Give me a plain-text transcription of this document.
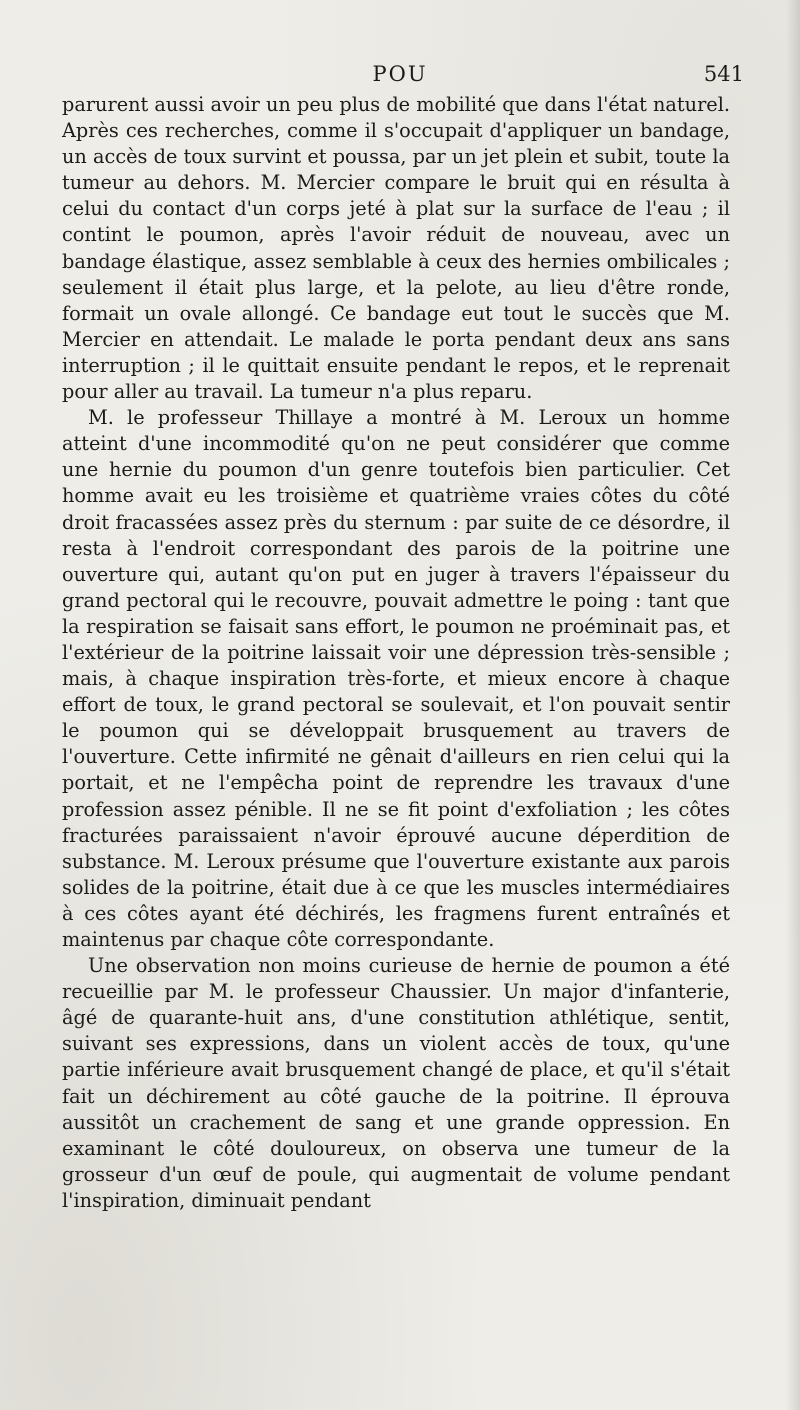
POU	541

parurent aussi avoir un peu plus de mobilité que dans l'état naturel. Après ces recherches, comme il s'occupait d'appliquer un bandage, un accès de toux survint et poussa, par un jet plein et subit, toute la tumeur au dehors. M. Mercier compare le bruit qui en résulta à celui du contact d'un corps jeté à plat sur la surface de l'eau ; il contint le poumon, après l'avoir réduit de nouveau, avec un bandage élastique, assez semblable à ceux des hernies ombilicales ; seulement il était plus large, et la pelote, au lieu d'être ronde, formait un ovale allongé. Ce bandage eut tout le succès que M. Mercier en attendait. Le malade le porta pendant deux ans sans interruption ; il le quittait ensuite pendant le repos, et le reprenait pour aller au travail. La tumeur n'a plus reparu.

M. le professeur Thillaye a montré à M. Leroux un homme atteint d'une incommodité qu'on ne peut considérer que comme une hernie du poumon d'un genre toutefois bien particulier. Cet homme avait eu les troisième et quatrième vraies côtes du côté droit fracassées assez près du sternum : par suite de ce désordre, il resta à l'endroit correspondant des parois de la poitrine une ouverture qui, autant qu'on put en juger à travers l'épaisseur du grand pectoral qui le recouvre, pouvait admettre le poing : tant que la respiration se faisait sans effort, le poumon ne proéminait pas, et l'extérieur de la poitrine laissait voir une dépression très-sensible ; mais, à chaque inspiration très-forte, et mieux encore à chaque effort de toux, le grand pectoral se soulevait, et l'on pouvait sentir le poumon qui se développait brusquement au travers de l'ouverture. Cette infirmité ne gênait d'ailleurs en rien celui qui la portait, et ne l'empêcha point de reprendre les travaux d'une profession assez pénible. Il ne se fit point d'exfoliation ; les côtes fracturées paraissaient n'avoir éprouvé aucune déperdition de substance. M. Leroux présume que l'ouverture existante aux parois solides de la poitrine, était due à ce que les muscles intermédiaires à ces côtes ayant été déchirés, les fragmens furent entraînés et maintenus par chaque côte correspondante.

Une observation non moins curieuse de hernie de poumon a été recueillie par M. le professeur Chaussier. Un major d'infanterie, âgé de quarante-huit ans, d'une constitution athlétique, sentit, suivant ses expressions, dans un violent accès de toux, qu'une partie inférieure avait brusquement changé de place, et qu'il s'était fait un déchirement au côté gauche de la poitrine. Il éprouva aussitôt un crachement de sang et une grande oppression. En examinant le côté douloureux, on observa une tumeur de la grosseur d'un œuf de poule, qui augmentait de volume pendant l'inspiration, diminuait pendant
